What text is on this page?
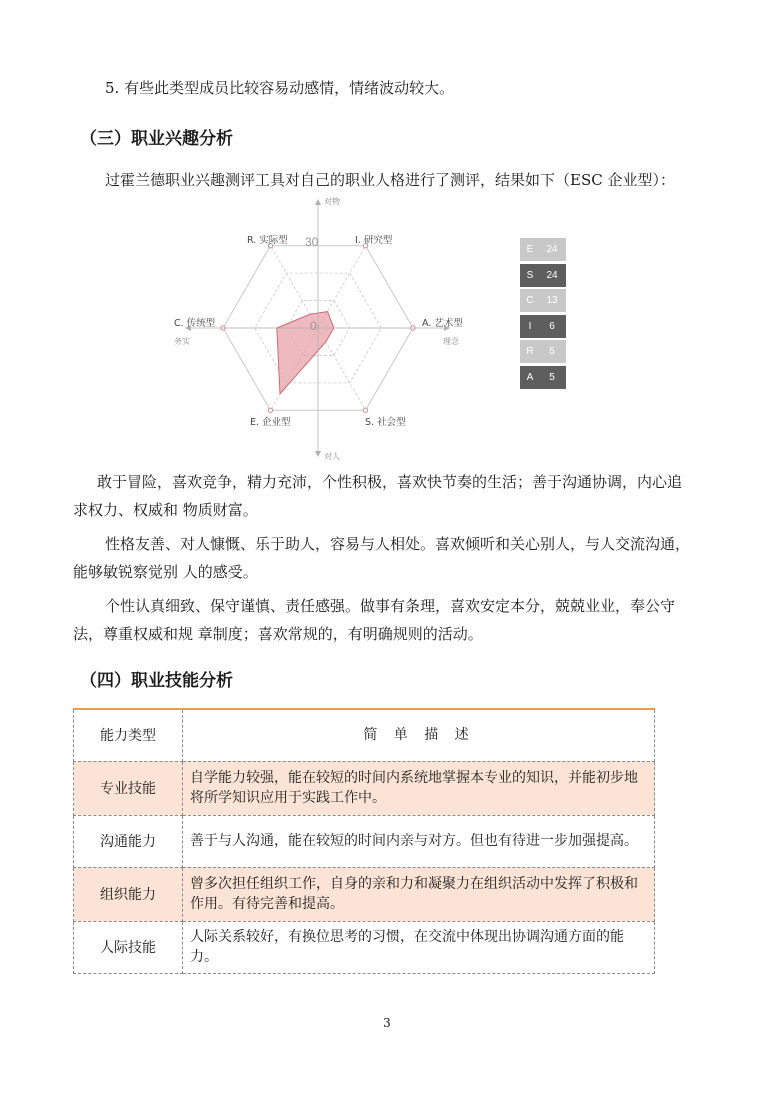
5. 有些此类型成员比较容易动感情，情绪波动较大。
（三）职业兴趣分析
过霍兰德职业兴趣测评工具对自己的职业人格进行了测评，结果如下（ESC 企业型）：
对物
对人
务实	理念
30
0
R. 实际型	I. 研究型
A. 艺术型
S. 社会型
E. 企业型
C. 传统型
E	24
S	24
C	13
I	6
R	5
A	5
敢于冒险，喜欢竞争，精力充沛，个性积极，喜欢快节奏的生活；善于沟通协调，内心追
求权力、权威和 物质财富。
性格友善、对人慷慨、乐于助人，容易与人相处。喜欢倾听和关心别人，与人交流沟通，
能够敏锐察觉别 人的感受。
个性认真细致、保守谨慎、责任感强。做事有条理，喜欢安定本分，兢兢业业，奉公守
法，尊重权威和规 章制度；喜欢常规的，有明确规则的活动。
（四）职业技能分析
能力类型	简 单 描 述
专业技能	自学能力较强，能在较短的时间内系统地掌握本专业的知识，并能初步地将所学知识应用于实践工作中。
沟通能力	善于与人沟通，能在较短的时间内亲与对方。但也有待进一步加强提高。
组织能力	曾多次担任组织工作，自身的亲和力和凝聚力在组织活动中发挥了积极和作用。有待完善和提高。
人际技能	人际关系较好，有换位思考的习惯，在交流中体现出协调沟通方面的能力。
3
